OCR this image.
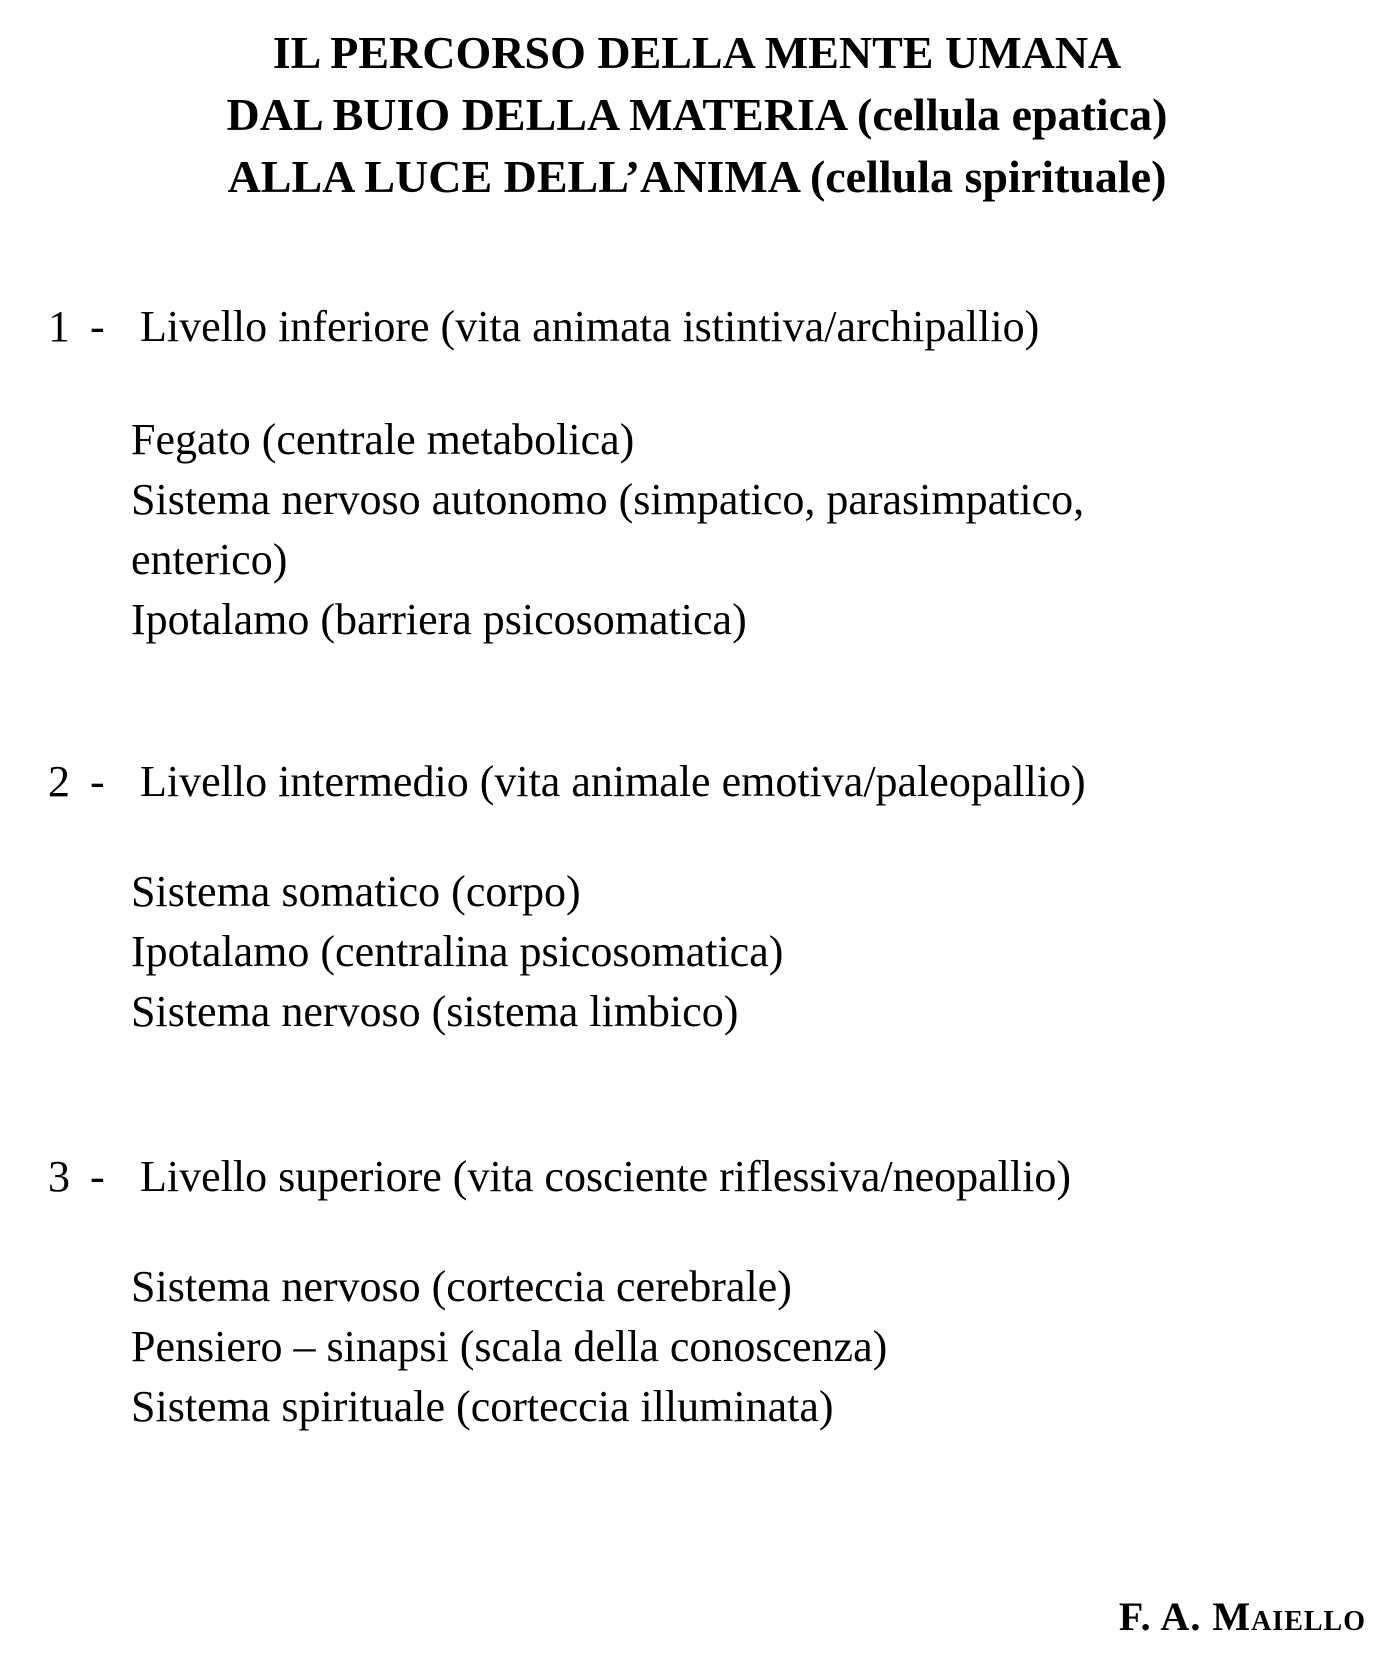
IL PERCORSO DELLA MENTE UMANA
DAL BUIO DELLA MATERIA (cellula epatica)
ALLA LUCE DELL’ANIMA (cellula spirituale)
1 - Livello inferiore (vita animata istintiva/archipallio)
Fegato (centrale metabolica)
Sistema nervoso autonomo (simpatico, parasimpatico,
enterico)
Ipotalamo (barriera psicosomatica)
2 - Livello intermedio (vita animale emotiva/paleopallio)
Sistema somatico (corpo)
Ipotalamo (centralina psicosomatica)
Sistema nervoso (sistema limbico)
3 - Livello superiore (vita cosciente riflessiva/neopallio)
Sistema nervoso (corteccia cerebrale)
Pensiero – sinapsi (scala della conoscenza)
Sistema spirituale (corteccia illuminata)
F. A. Maiello
